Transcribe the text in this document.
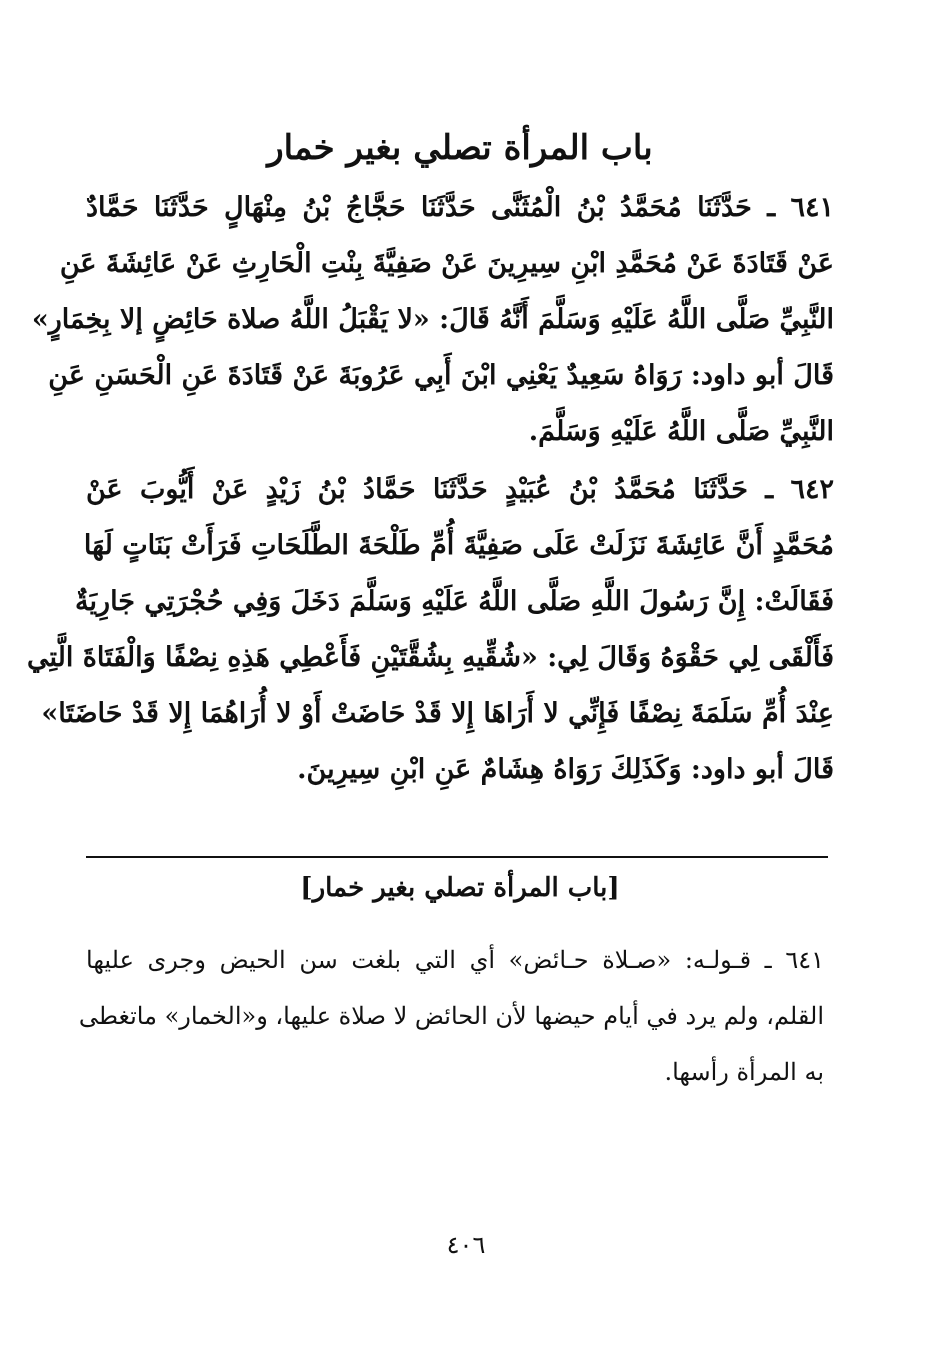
باب المرأة تصلي بغير خمار
٦٤١ ـ حَدَّثَنَا مُحَمَّدُ بْنُ الْمُثَنَّى حَدَّثَنَا حَجَّاجُ بْنُ مِنْهَالٍ حَدَّثَنَا حَمَّادٌ
عَنْ قَتَادَةَ عَنْ مُحَمَّدِ ابْنِ سِيرِينَ عَنْ صَفِيَّةَ بِنْتِ الْحَارِثِ عَنْ عَائِشَةَ عَنِ
النَّبِيِّ صَلَّى اللَّهُ عَلَيْهِ وَسَلَّمَ أَنَّهُ قَالَ: «لا يَقْبَلُ اللَّهُ صلاة حَائِضٍ إلا بِخِمَارٍ»
قَالَ أبو داود: رَوَاهُ سَعِيدٌ يَعْنِي ابْنَ أَبِي عَرُوبَةَ عَنْ قَتَادَةَ عَنِ الْحَسَنِ عَنِ
النَّبِيِّ صَلَّى اللَّهُ عَلَيْهِ وَسَلَّمَ.
٦٤٢ ـ حَدَّثَنَا مُحَمَّدُ بْنُ عُبَيْدٍ حَدَّثَنَا حَمَّادُ بْنُ زَيْدٍ عَنْ أَيُّوبَ عَنْ
مُحَمَّدٍ أَنَّ عَائِشَةَ نَزَلَتْ عَلَى صَفِيَّةَ أُمِّ طَلْحَةَ الطَّلَحَاتِ فَرَأَتْ بَنَاتٍ لَهَا
فَقَالَتْ: إِنَّ رَسُولَ اللَّهِ صَلَّى اللَّهُ عَلَيْهِ وَسَلَّمَ دَخَلَ وَفِي حُجْرَتِي جَارِيَةٌ
فَأَلْقَى لِي حَقْوَهُ وَقَالَ لِي: «شُقِّيهِ بِشُقَّتَيْنِ فَأَعْطِي هَذِهِ نِصْفًا وَالْفَتَاةَ الَّتِي
عِنْدَ أُمِّ سَلَمَةَ نِصْفًا فَإِنِّي لا أَرَاهَا إِلا قَدْ حَاضَتْ أَوْ لا أُرَاهُمَا إِلا قَدْ حَاضَتَا»
قَالَ أبو داود: وَكَذَلِكَ رَوَاهُ هِشَامٌ عَنِ ابْنِ سِيرِينَ.
[باب المرأة تصلي بغير خمار]
٦٤١ ـ قـولـه: «صـلاة حـائض» أي التي بلغت سن الحيض وجرى عليها
القلم، ولم يرد في أيام حيضها لأن الحائض لا صلاة عليها، و«الخمار» ماتغطى
به المرأة رأسها.
٤٠٦
